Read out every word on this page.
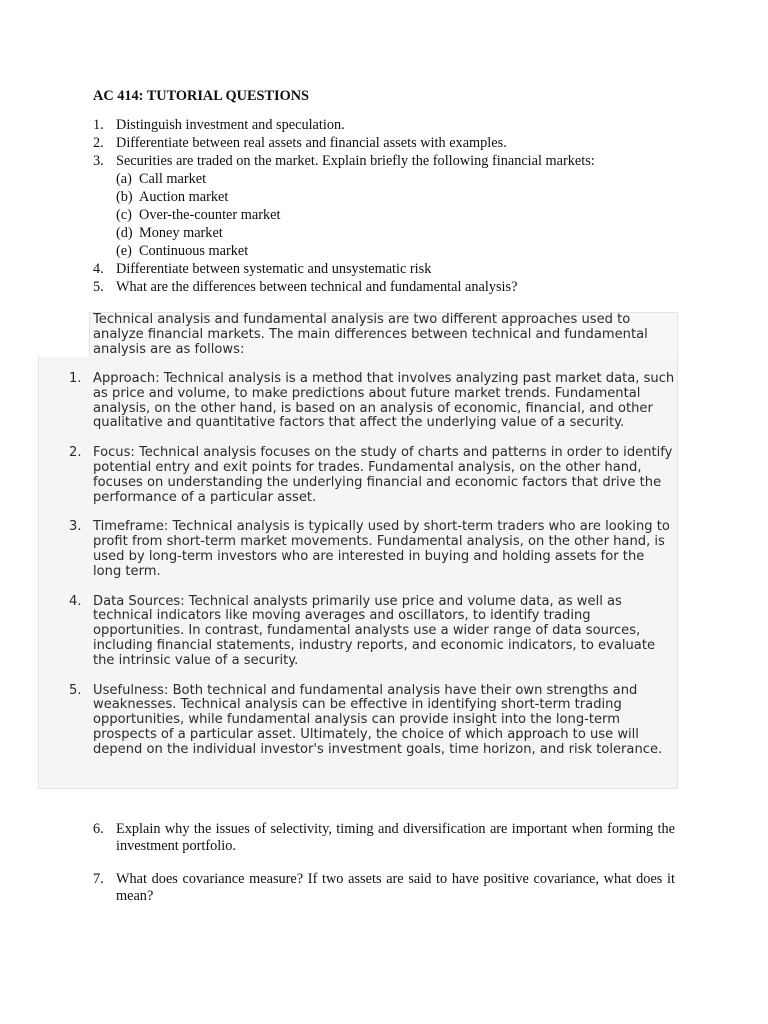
AC 414: TUTORIAL QUESTIONS
1. Distinguish investment and speculation.
2. Differentiate between real assets and financial assets with examples.
3. Securities are traded on the market. Explain briefly the following financial markets:
(a) Call market
(b) Auction market
(c) Over-the-counter market
(d) Money market
(e) Continuous market
4. Differentiate between systematic and unsystematic risk
5. What are the differences between technical and fundamental analysis?

Technical analysis and fundamental analysis are two different approaches used to analyze financial markets. The main differences between technical and fundamental analysis are as follows:

1. Approach: Technical analysis is a method that involves analyzing past market data, such as price and volume, to make predictions about future market trends. Fundamental analysis, on the other hand, is based on an analysis of economic, financial, and other qualitative and quantitative factors that affect the underlying value of a security.
2. Focus: Technical analysis focuses on the study of charts and patterns in order to identify potential entry and exit points for trades. Fundamental analysis, on the other hand, focuses on understanding the underlying financial and economic factors that drive the performance of a particular asset.
3. Timeframe: Technical analysis is typically used by short-term traders who are looking to profit from short-term market movements. Fundamental analysis, on the other hand, is used by long-term investors who are interested in buying and holding assets for the long term.
4. Data Sources: Technical analysts primarily use price and volume data, as well as technical indicators like moving averages and oscillators, to identify trading opportunities. In contrast, fundamental analysts use a wider range of data sources, including financial statements, industry reports, and economic indicators, to evaluate the intrinsic value of a security.
5. Usefulness: Both technical and fundamental analysis have their own strengths and weaknesses. Technical analysis can be effective in identifying short-term trading opportunities, while fundamental analysis can provide insight into the long-term prospects of a particular asset. Ultimately, the choice of which approach to use will depend on the individual investor's investment goals, time horizon, and risk tolerance.
6. Explain why the issues of selectivity, timing and diversification are important when forming the investment portfolio.
7. What does covariance measure? If two assets are said to have positive covariance, what does it mean?
